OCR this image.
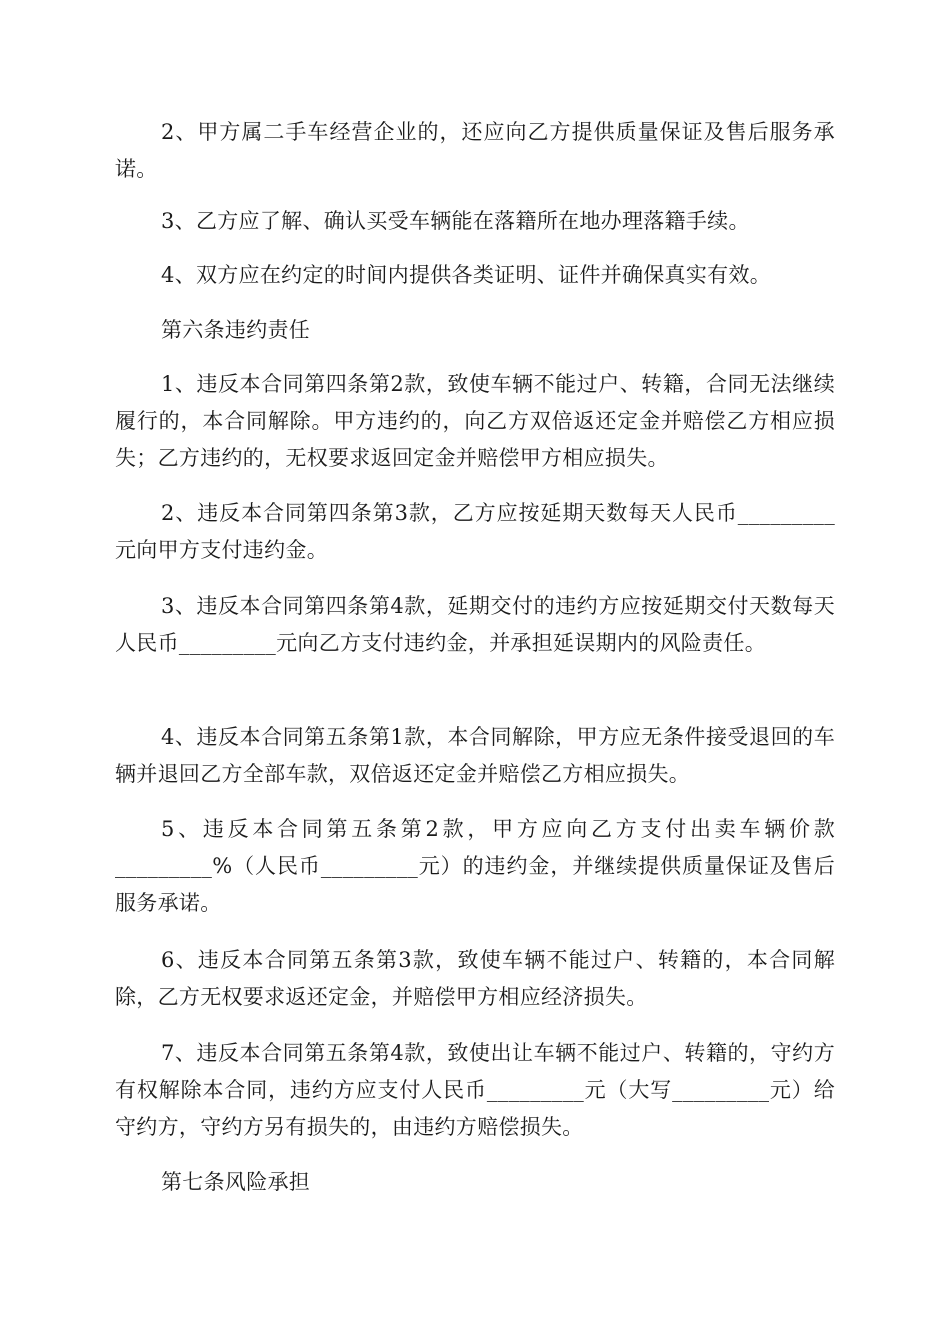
2、甲方属二手车经营企业的，还应向乙方提供质量保证及售后服务承诺。

3、乙方应了解、确认买受车辆能在落籍所在地办理落籍手续。

4、双方应在约定的时间内提供各类证明、证件并确保真实有效。

第六条违约责任

1、违反本合同第四条第2款，致使车辆不能过户、转籍，合同无法继续履行的，本合同解除。甲方违约的，向乙方双倍返还定金并赔偿乙方相应损失；乙方违约的，无权要求返回定金并赔偿甲方相应损失。

2、违反本合同第四条第3款，乙方应按延期天数每天人民币_________元向甲方支付违约金。

3、违反本合同第四条第4款，延期交付的违约方应按延期交付天数每天人民币_________元向乙方支付违约金，并承担延误期内的风险责任。

4、违反本合同第五条第1款，本合同解除，甲方应无条件接受退回的车辆并退回乙方全部车款，双倍返还定金并赔偿乙方相应损失。

5、违反本合同第五条第2款，甲方应向乙方支付出卖车辆价款_________%（人民币_________元）的违约金，并继续提供质量保证及售后服务承诺。

6、违反本合同第五条第3款，致使车辆不能过户、转籍的，本合同解除，乙方无权要求返还定金，并赔偿甲方相应经济损失。

7、违反本合同第五条第4款，致使出让车辆不能过户、转籍的，守约方有权解除本合同，违约方应支付人民币_________元（大写_________元）给守约方，守约方另有损失的，由违约方赔偿损失。

第七条风险承担
